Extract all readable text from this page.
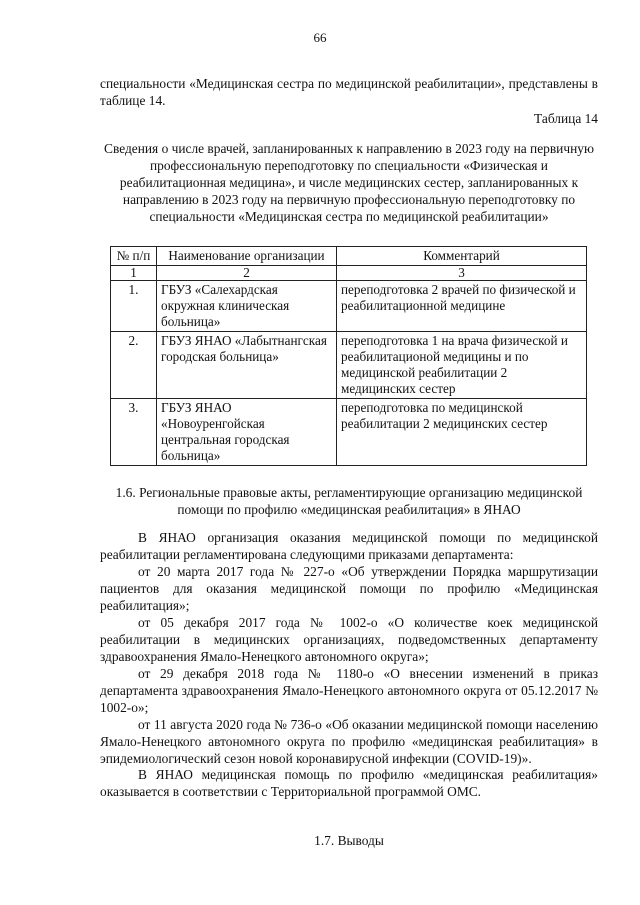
66

специальности «Медицинская сестра по медицинской реабилитации», представлены в таблице 14.

Таблица 14

Сведения о числе врачей, запланированных к направлению в 2023 году на первичную профессиональную переподготовку по специальности «Физическая и реабилитационная медицина», и числе медицинских сестер, запланированных к направлению в 2023 году на первичную профессиональную переподготовку по специальности «Медицинская сестра по медицинской реабилитации»

№ п/п	Наименование организации	Комментарий
1	2	3
1.	ГБУЗ «Салехардская окружная клиническая больница»	переподготовка 2 врачей по физической и реабилитационной медицине
2.	ГБУЗ ЯНАО «Лабытнангская городская больница»	переподготовка 1 на врача физической и реабилитационой медицины и по медицинской реабилитации 2 медицинских сестер
3.	ГБУЗ ЯНАО «Новоуренгойская центральная городская больница»	переподготовка по медицинской реабилитации 2 медицинских сестер

1.6. Региональные правовые акты, регламентирующие организацию медицинской помощи по профилю «медицинская реабилитация» в ЯНАО

В ЯНАО организация оказания медицинской помощи по медицинской реабилитации регламентирована следующими приказами департамента:

от 20 марта 2017 года № 227-о «Об утверждении Порядка маршрутизации пациентов для оказания медицинской помощи по профилю «Медицинская реабилитация»;

от 05 декабря 2017 года № 1002-о «О количестве коек медицинской реабилитации в медицинских организациях, подведомственных департаменту здравоохранения Ямало-Ненецкого автономного округа»;

от 29 декабря 2018 года № 1180-о «О внесении изменений в приказ департамента здравоохранения Ямало-Ненецкого автономного округа от 05.12.2017 № 1002-о»;

от 11 августа 2020 года № 736-о «Об оказании медицинской помощи населению Ямало-Ненецкого автономного округа по профилю «медицинская реабилитация» в эпидемиологический сезон новой коронавирусной инфекции (COVID-19)».

В ЯНАО медицинская помощь по профилю «медицинская реабилитация» оказывается в соответствии с Территориальной программой ОМС.

1.7. Выводы
